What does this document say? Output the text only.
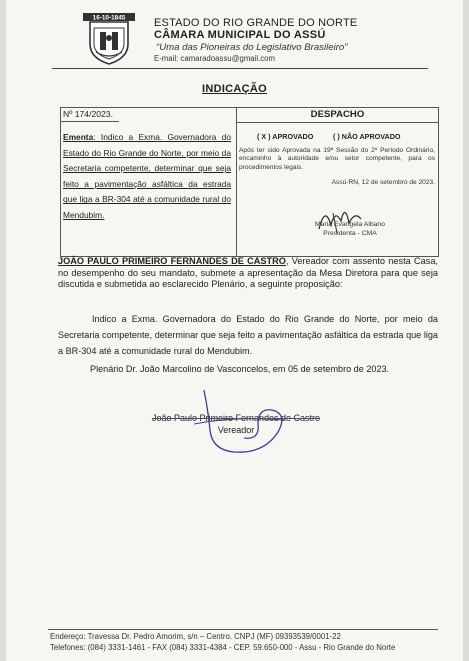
16-10-1845	ESTADO DO RIO GRANDE DO NORTE
CÂMARA MUNICIPAL DO ASSÚ
“Uma das Pioneiras do Legislativo Brasileiro”
E-mail: camaradoassu@gmail.com
INDICAÇÃO
Nº 174/2023.
Ementa: Indico a Exma. Governadora do Estado do Rio Grande do Norte, por meio da Secretaria competente, determinar que seja feito a pavimentação asfáltica da estrada que liga a BR-304 até a comunidade rural do Mendubim.
DESPACHO
( X ) APROVADO	( ) NÃO APROVADO
Após ter sido Aprovada na 19ª Sessão do 2º Período Ordinário, encaminho à autoridade e/ou setor competente, para os procedimentos legais.
Assú-RN, 12 de setembro de 2023.
Maria Evangela Albano
Presidenta - CMA
JOÃO PAULO PRIMEIRO FERNANDES DE CASTRO, Vereador com assento nesta Casa, no desempenho do seu mandato, submete a apresentação da Mesa Diretora para que seja discutida e submetida ao esclarecido Plenário, a seguinte proposição:
Indico a Exma. Governadora do Estado do Rio Grande do Norte, por meio da Secretaria competente, determinar que seja feito a pavimentação asfáltica da estrada que liga a BR-304 até a comunidade rural do Mendubim.
Plenário Dr. João Marcolino de Vasconcelos, em 05 de setembro de 2023.
João Paulo Primeiro Fernandes de Castro
Vereador
Endereço: Travessa Dr. Pedro Amorim, s/n – Centro. CNPJ (MF) 09393539/0001-22
Telefones: (084) 3331-1461 - FAX (084) 3331-4384 - CEP. 59.650-000 - Assu - Rio Grande do Norte
